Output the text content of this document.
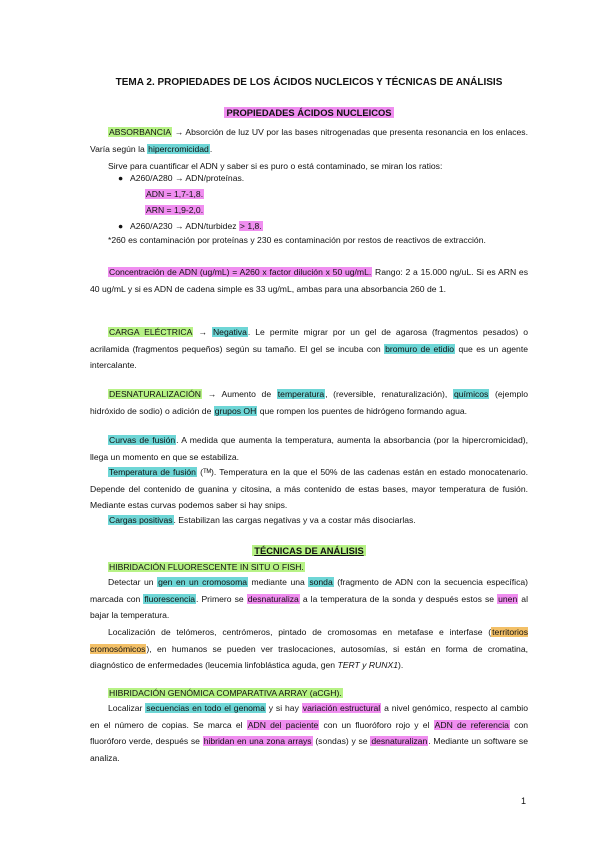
TEMA 2. PROPIEDADES DE LOS ÁCIDOS NUCLEICOS Y TÉCNICAS DE ANÁLISIS
PROPIEDADES ÁCIDOS NUCLEICOS
ABSORBANCIA → Absorción de luz UV por las bases nitrogenadas que presenta resonancia en los enlaces. Varía según la hipercromicidad.
Sirve para cuantificar el ADN y saber si es puro o está contaminado, se miran los ratios:
● A260/A280 → ADN/proteínas.
ADN = 1,7-1,8.
ARN = 1,9-2,0.
● A260/A230 → ADN/turbidez > 1,8.
*260 es contaminación por proteínas y 230 es contaminación por restos de reactivos de extracción.
Concentración de ADN (ug/mL) = A260 x factor dilución x 50 ug/mL. Rango: 2 a 15.000 ng/uL. Si es ARN es 40 ug/mL y si es ADN de cadena simple es 33 ug/mL, ambas para una absorbancia 260 de 1.
CARGA ELÉCTRICA → Negativa. Le permite migrar por un gel de agarosa (fragmentos pesados) o acrilamida (fragmentos pequeños) según su tamaño. El gel se incuba con bromuro de etidio que es un agente intercalante.
DESNATURALIZACIÓN → Aumento de temperatura, (reversible, renaturalización), químicos (ejemplo hidróxido de sodio) o adición de grupos OH que rompen los puentes de hidrógeno formando agua.
Curvas de fusión. A medida que aumenta la temperatura, aumenta la absorbancia (por la hipercromicidad), llega un momento en que se estabiliza.
Temperatura de fusión (ᵀᴹ). Temperatura en la que el 50% de las cadenas están en estado monocatenario. Depende del contenido de guanina y citosina, a más contenido de estas bases, mayor temperatura de fusión. Mediante estas curvas podemos saber si hay snips.
Cargas positivas. Estabilizan las cargas negativas y va a costar más disociarlas.
TÉCNICAS DE ANÁLISIS
HIBRIDACIÓN FLUORESCENTE IN SITU O FISH.
Detectar un gen en un cromosoma mediante una sonda (fragmento de ADN con la secuencia específica) marcada con fluorescencia. Primero se desnaturaliza a la temperatura de la sonda y después estos se unen al bajar la temperatura.
Localización de telómeros, centrómeros, pintado de cromosomas en metafase e interfase (territorios cromosómicos), en humanos se pueden ver traslocaciones, autosomías, si están en forma de cromatina, diagnóstico de enfermedades (leucemia linfoblástica aguda, gen TERT y RUNX1).
HIBRIDACIÓN GENÓMICA COMPARATIVA ARRAY (aCGH).
Localizar secuencias en todo el genoma y si hay variación estructural a nivel genómico, respecto al cambio en el número de copias. Se marca el ADN del paciente con un fluoróforo rojo y el ADN de referencia con fluoróforo verde, después se hibridan en una zona arrays (sondas) y se desnaturalizan. Mediante un software se analiza.
1
